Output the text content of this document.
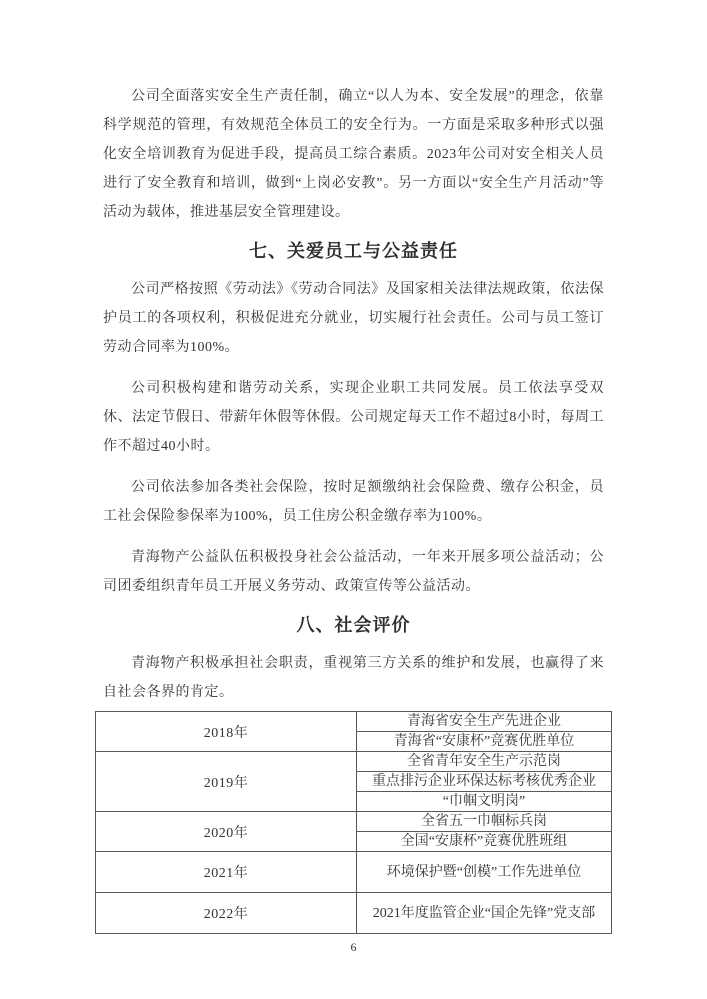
公司全面落实安全生产责任制，确立“以人为本、安全发展”的理念，依靠科学规范的管理，有效规范全体员工的安全行为。一方面是采取多种形式以强化安全培训教育为促进手段，提高员工综合素质。2023年公司对安全相关人员进行了安全教育和培训，做到“上岗必安教”。另一方面以“安全生产月活动”等活动为载体，推进基层安全管理建设。

七、关爱员工与公益责任

公司严格按照《劳动法》《劳动合同法》及国家相关法律法规政策，依法保护员工的各项权利，积极促进充分就业，切实履行社会责任。公司与员工签订劳动合同率为100%。

公司积极构建和谐劳动关系，实现企业职工共同发展。员工依法享受双休、法定节假日、带薪年休假等休假。公司规定每天工作不超过8小时，每周工作不超过40小时。

公司依法参加各类社会保险，按时足额缴纳社会保险费、缴存公积金，员工社会保险参保率为100%，员工住房公积金缴存率为100%。

青海物产公益队伍积极投身社会公益活动，一年来开展多项公益活动；公司团委组织青年员工开展义务劳动、政策宣传等公益活动。

八、社会评价

青海物产积极承担社会职责，重视第三方关系的维护和发展，也赢得了来自社会各界的肯定。

2018年	青海省安全生产先进企业
	青海省“安康杯”竞赛优胜单位
2019年	全省青年安全生产示范岗
	重点排污企业环保达标考核优秀企业
	“巾帼文明岗”
2020年	全省五一巾帼标兵岗
	全国“安康杯”竞赛优胜班组
2021年	环境保护暨“创模”工作先进单位
2022年	2021年度监管企业“国企先锋”党支部
6
